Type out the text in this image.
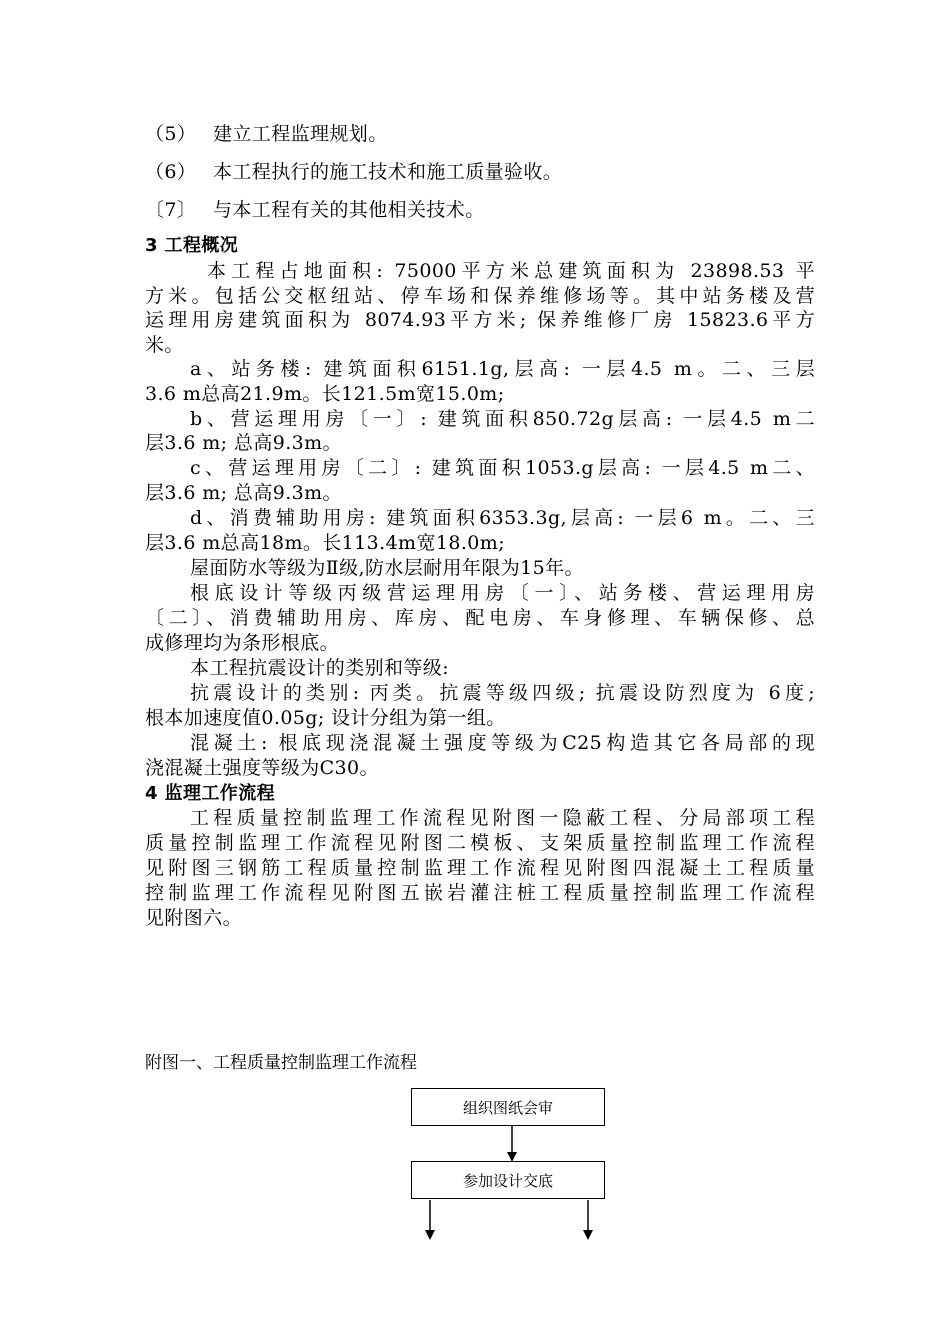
（5） 建立工程监理规划。
（6） 本工程执行的施工技术和施工质量验收。
〔7〕 与本工程有关的其他相关技术。
3 工程概况
本工程占地面积: 75000平方米总建筑面积为 23898.53 平
方米。包括公交枢纽站、停车场和保养维修场等。其中站务楼及营
运理用房建筑面积为 8074.93平方米; 保养维修厂房 15823.6平方
米。
a、站务楼: 建筑面积6151.1g,层高: 一层4.5 m。二、三层
3.6 m总高21.9m。长121.5m宽15.0m;
b、营运理用房〔一〕: 建筑面积850.72g层高: 一层4.5 m二
层3.6 m; 总高9.3m。
c、营运理用房〔二〕: 建筑面积1053.g层高: 一层4.5 m二、
层3.6 m; 总高9.3m。
d、消费辅助用房: 建筑面积6353.3g,层高: 一层6 m。二、三
层3.6 m总高18m。长113.4m宽18.0m;
屋面防水等级为Ⅱ级,防水层耐用年限为15年。
根底设计等级丙级营运理用房〔一〕、站务楼、营运理用房
〔二〕、消费辅助用房、库房、配电房、车身修理、车辆保修、总
成修理均为条形根底。
本工程抗震设计的类别和等级:
抗震设计的类别: 丙类。抗震等级四级; 抗震设防烈度为 6度;
根本加速度值0.05g; 设计分组为第一组。
混凝土: 根底现浇混凝土强度等级为C25构造其它各局部的现
浇混凝土强度等级为C30。
4 监理工作流程
工程质量控制监理工作流程见附图一隐蔽工程、分局部项工程
质量控制监理工作流程见附图二模板、支架质量控制监理工作流程
见附图三钢筋工程质量控制监理工作流程见附图四混凝土工程质量
控制监理工作流程见附图五嵌岩灌注桩工程质量控制监理工作流程
见附图六。
附图一、工程质量控制监理工作流程
组织图纸会审
参加设计交底
